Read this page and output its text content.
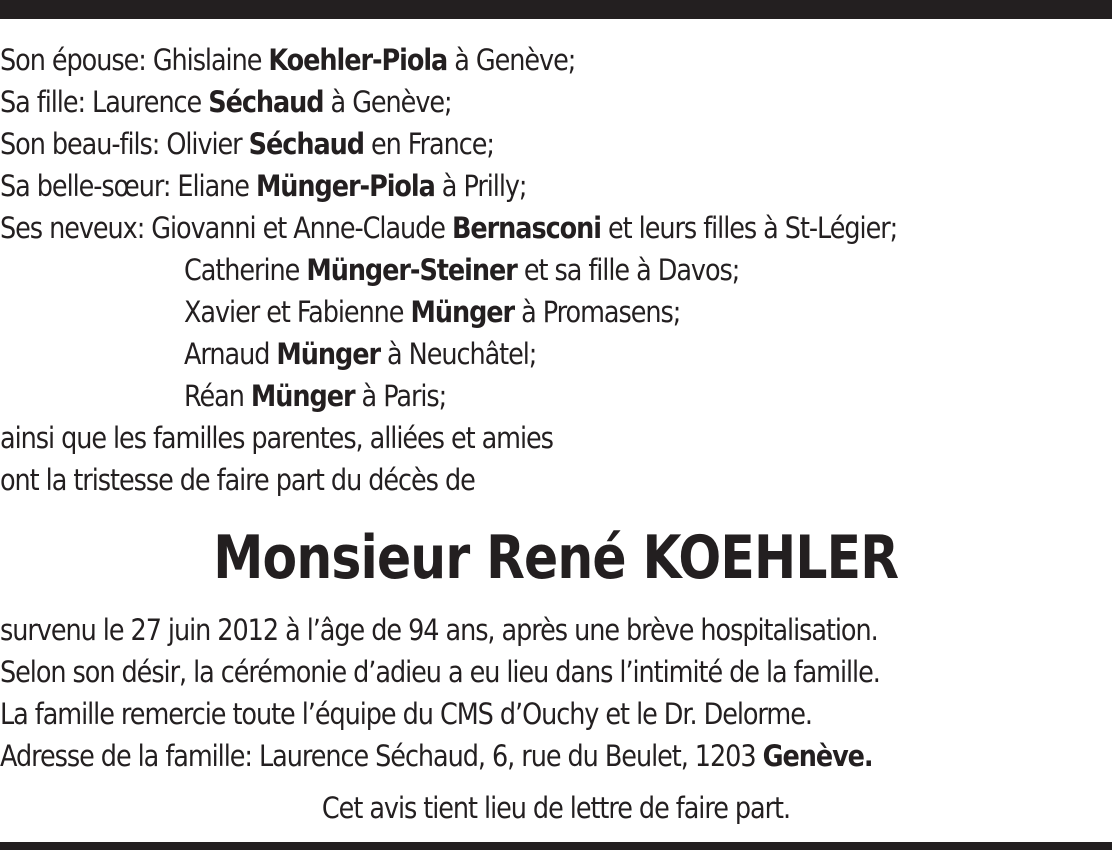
Son épouse: Ghislaine Koehler-Piola à Genève;
Sa fille: Laurence Séchaud à Genève;
Son beau-fils: Olivier Séchaud en France;
Sa belle-sœur: Eliane Münger-Piola à Prilly;
Ses neveux: Giovanni et Anne-Claude Bernasconi et leurs filles à St-Légier;
Catherine Münger-Steiner et sa fille à Davos;
Xavier et Fabienne Münger à Promasens;
Arnaud Münger à Neuchâtel;
Réan Münger à Paris;
ainsi que les familles parentes, alliées et amies
ont la tristesse de faire part du décès de
Monsieur René KOEHLER
survenu le 27 juin 2012 à l’âge de 94 ans, après une brève hospitalisation.
Selon son désir, la cérémonie d’adieu a eu lieu dans l’intimité de la famille.
La famille remercie toute l’équipe du CMS d’Ouchy et le Dr. Delorme.
Adresse de la famille: Laurence Séchaud, 6, rue du Beulet, 1203 Genève.
Cet avis tient lieu de lettre de faire part.
